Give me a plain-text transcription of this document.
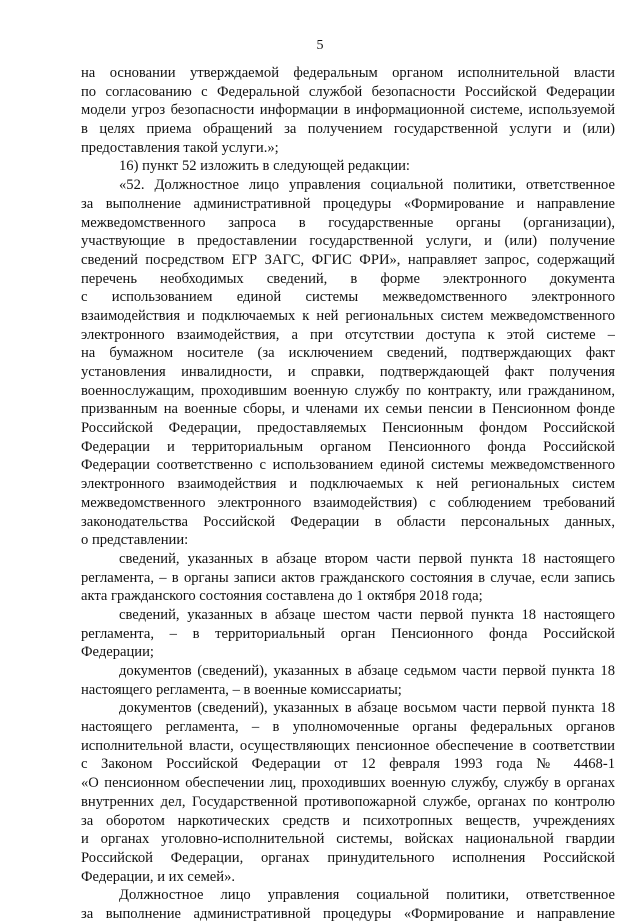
5
на основании утверждаемой федеральным органом исполнительной власти
по согласованию с Федеральной службой безопасности Российской Федерации
модели угроз безопасности информации в информационной системе, используемой
в целях приема обращений за получением государственной услуги и (или)
предоставления такой услуги.»;
16) пункт 52 изложить в следующей редакции:
«52. Должностное лицо управления социальной политики, ответственное
за выполнение административной процедуры «Формирование и направление
межведомственного запроса в государственные органы (организации),
участвующие в предоставлении государственной услуги, и (или) получение
сведений посредством ЕГР ЗАГС, ФГИС ФРИ», направляет запрос, содержащий
перечень необходимых сведений, в форме электронного документа
с использованием единой системы межведомственного электронного
взаимодействия и подключаемых к ней региональных систем межведомственного
электронного взаимодействия, а при отсутствии доступа к этой системе –
на бумажном носителе (за исключением сведений, подтверждающих факт
установления инвалидности, и справки, подтверждающей факт получения
военнослужащим, проходившим военную службу по контракту, или гражданином,
призванным на военные сборы, и членами их семьи пенсии в Пенсионном фонде
Российской Федерации, предоставляемых Пенсионным фондом Российской
Федерации и территориальным органом Пенсионного фонда Российской
Федерации соответственно с использованием единой системы межведомственного
электронного взаимодействия и подключаемых к ней региональных систем
межведомственного электронного взаимодействия) с соблюдением требований
законодательства Российской Федерации в области персональных данных,
о представлении:
сведений, указанных в абзаце втором части первой пункта 18 настоящего
регламента, – в органы записи актов гражданского состояния в случае, если запись
акта гражданского состояния составлена до 1 октября 2018 года;
сведений, указанных в абзаце шестом части первой пункта 18 настоящего
регламента, – в территориальный орган Пенсионного фонда Российской
Федерации;
документов (сведений), указанных в абзаце седьмом части первой пункта 18
настоящего регламента, – в военные комиссариаты;
документов (сведений), указанных в абзаце восьмом части первой пункта 18
настоящего регламента, – в уполномоченные органы федеральных органов
исполнительной власти, осуществляющих пенсионное обеспечение в соответствии
с Законом Российской Федерации от 12 февраля 1993 года № 4468-1
«О пенсионном обеспечении лиц, проходивших военную службу, службу в органах
внутренних дел, Государственной противопожарной службе, органах по контролю
за оборотом наркотических средств и психотропных веществ, учреждениях
и органах уголовно-исполнительной системы, войсках национальной гвардии
Российской Федерации, органах принудительного исполнения Российской
Федерации, и их семей».
Должностное лицо управления социальной политики, ответственное
за выполнение административной процедуры «Формирование и направление
